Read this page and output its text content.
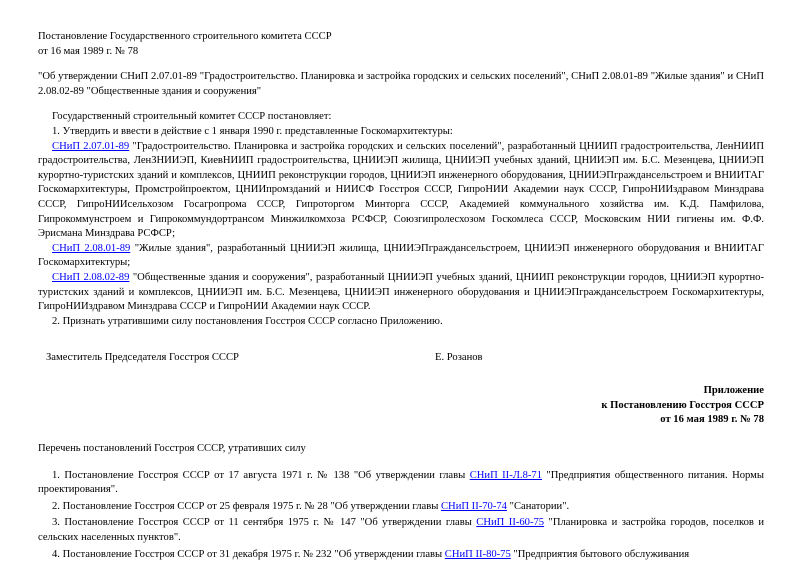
Постановление Государственного строительного комитета СССР

от 16 мая 1989 г. № 78

"Об утверждении СНиП 2.07.01-89 "Градостроительство. Планировка и застройка городских и сельских поселений", СНиП 2.08.01-89 "Жилые здания" и СНиП 2.08.02-89 "Общественные здания и сооружения"

Государственный строительный комитет СССР постановляет:

1. Утвердить и ввести в действие с 1 января 1990 г. представленные Госкомархитектуры:

СНиП 2.07.01-89 "Градостроительство. Планировка и застройка городских и сельских поселений", разработанный ЦНИИП градостроительства, ЛенНИИП градостроительства, ЛенЗНИИЭП, КиевНИИП градостроительства, ЦНИИЭП жилища, ЦНИИЭП учебных зданий, ЦНИИЭП им. Б.С. Мезенцева, ЦНИИЭП курортно-туристских зданий и комплексов, ЦНИИП реконструкции городов, ЦНИИЭП инженерного оборудования, ЦНИИЭПграждансельстроем и ВНИИТАГ Госкомархитектуры, Промстройпроектом, ЦНИИпромзданий и НИИСФ Госстроя СССР, ГипроНИИ Академии наук СССР, ГипроНИИздравом Минздрава СССР, ГипроНИИсельхозом Госагропрома СССР, Гипроторгом Минторга СССР, Академией коммунального хозяйства им. К.Д. Памфилова, Гипрокоммунстроем и Гипрокоммундортрансом Минжилкомхоза РСФСР, Союзгипролесхозом Госкомлеса СССР, Московским НИИ гигиены им. Ф.Ф. Эрисмана Минздрава РСФСР;

СНиП 2.08.01-89 "Жилые здания", разработанный ЦНИИЭП жилища, ЦНИИЭПграждансельстроем, ЦНИИЭП инженерного оборудования и ВНИИТАГ Госкомархитектуры;

СНиП 2.08.02-89 "Общественные здания и сооружения", разработанный ЦНИИЭП учебных зданий, ЦНИИП реконструкции городов, ЦНИИЭП курортно-туристских зданий и комплексов, ЦНИИЭП им. Б.С. Мезенцева, ЦНИИЭП инженерного оборудования и ЦНИИЭПграждансельстроем Госкомархитектуры, ГипроНИИздравом Минздрава СССР и ГипроНИИ Академии наук СССР.

2. Признать утратившими силу постановления Госстроя СССР согласно Приложению.

Заместитель Председателя Госстроя СССР	Е. Розанов

Приложение

к Постановлению Госстроя СССР

от 16 мая 1989 г. № 78

Перечень постановлений Госстроя СССР, утративших силу

1. Постановление Госстроя СССР от 17 августа 1971 г. № 138 "Об утверждении главы СНиП II-Л.8-71 "Предприятия общественного питания. Нормы проектирования".

2. Постановление Госстроя СССР от 25 февраля 1975 г. № 28 "Об утверждении главы СНиП II-70-74 "Санатории".

3. Постановление Госстроя СССР от 11 сентября 1975 г. № 147 "Об утверждении главы СНиП II-60-75 "Планировка и застройка городов, поселков и сельских населенных пунктов".

4. Постановление Госстроя СССР от 31 декабря 1975 г. № 232 "Об утверждении главы СНиП II-80-75 "Предприятия бытового обслуживания
